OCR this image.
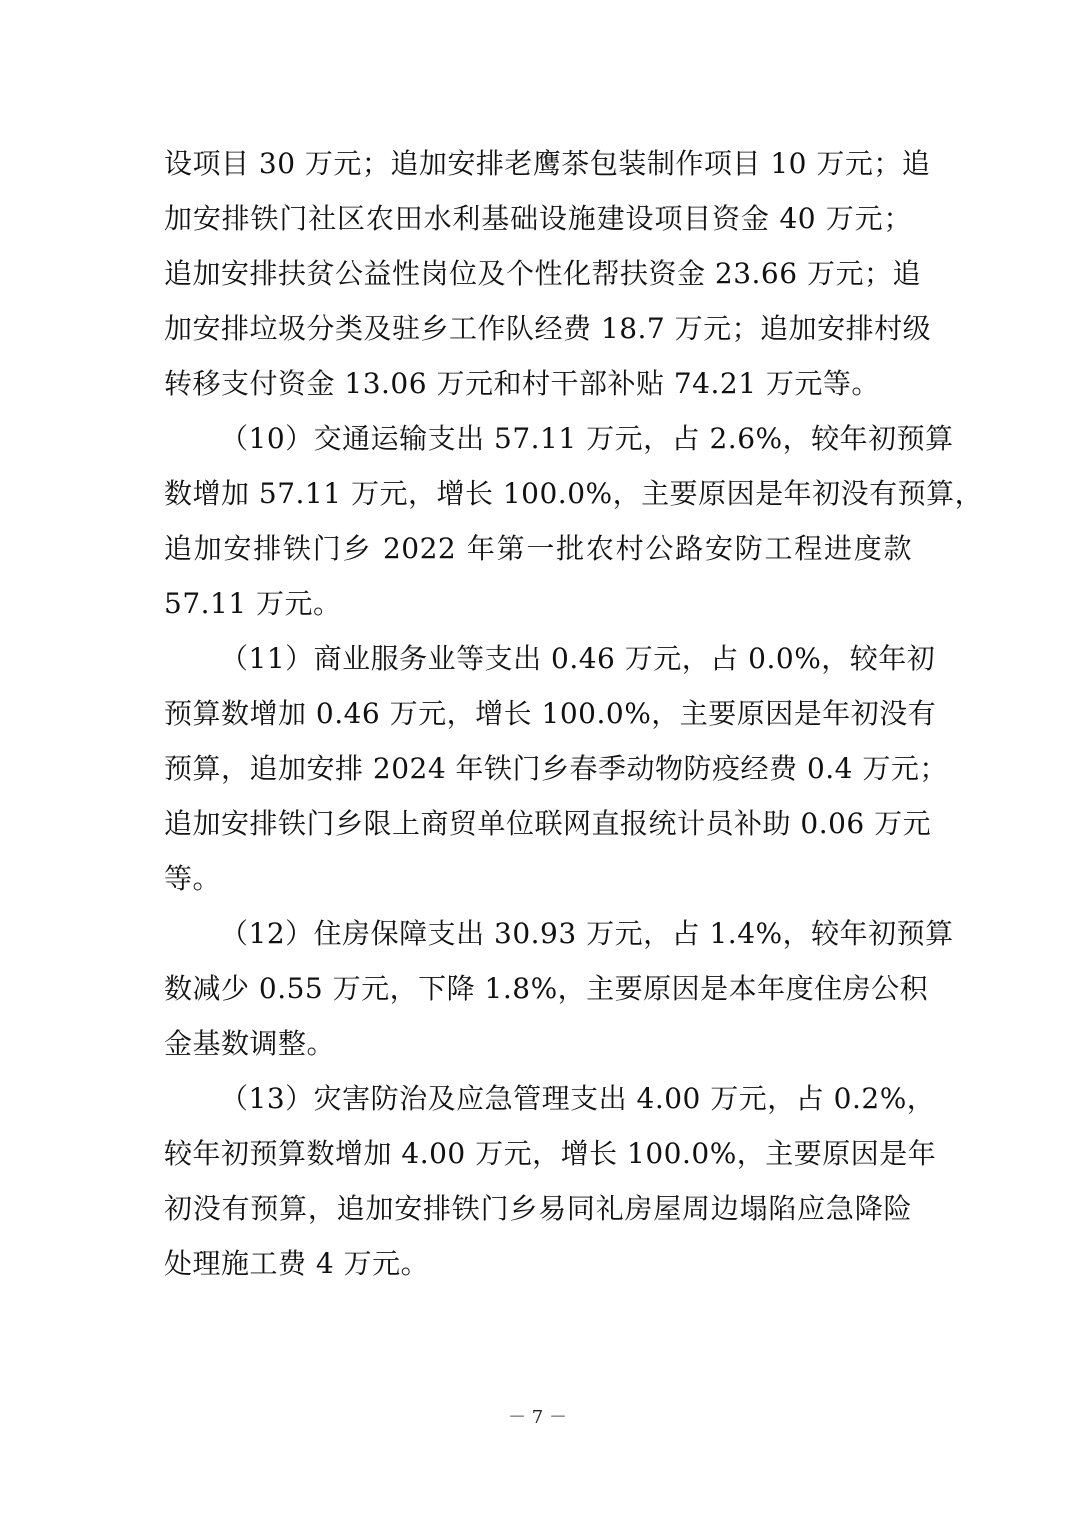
设项目 30 万元；追加安排老鹰茶包装制作项目 10 万元；追
加安排铁门社区农田水利基础设施建设项目资金 40 万元；
追加安排扶贫公益性岗位及个性化帮扶资金 23.66 万元；追
加安排垃圾分类及驻乡工作队经费 18.7 万元；追加安排村级
转移支付资金 13.06 万元和村干部补贴 74.21 万元等。

（10）交通运输支出 57.11 万元，占 2.6%，较年初预算
数增加 57.11 万元，增长 100.0%，主要原因是年初没有预算，
追加安排铁门乡 2022 年第一批农村公路安防工程进度款
57.11 万元。

（11）商业服务业等支出 0.46 万元，占 0.0%，较年初
预算数增加 0.46 万元，增长 100.0%，主要原因是年初没有
预算，追加安排 2024 年铁门乡春季动物防疫经费 0.4 万元；
追加安排铁门乡限上商贸单位联网直报统计员补助 0.06 万元
等。

（12）住房保障支出 30.93 万元，占 1.4%，较年初预算
数减少 0.55 万元，下降 1.8%，主要原因是本年度住房公积
金基数调整。

（13）灾害防治及应急管理支出 4.00 万元，占 0.2%，
较年初预算数增加 4.00 万元，增长 100.0%，主要原因是年
初没有预算，追加安排铁门乡易同礼房屋周边塌陷应急降险
处理施工费 4 万元。

－ 7 －
